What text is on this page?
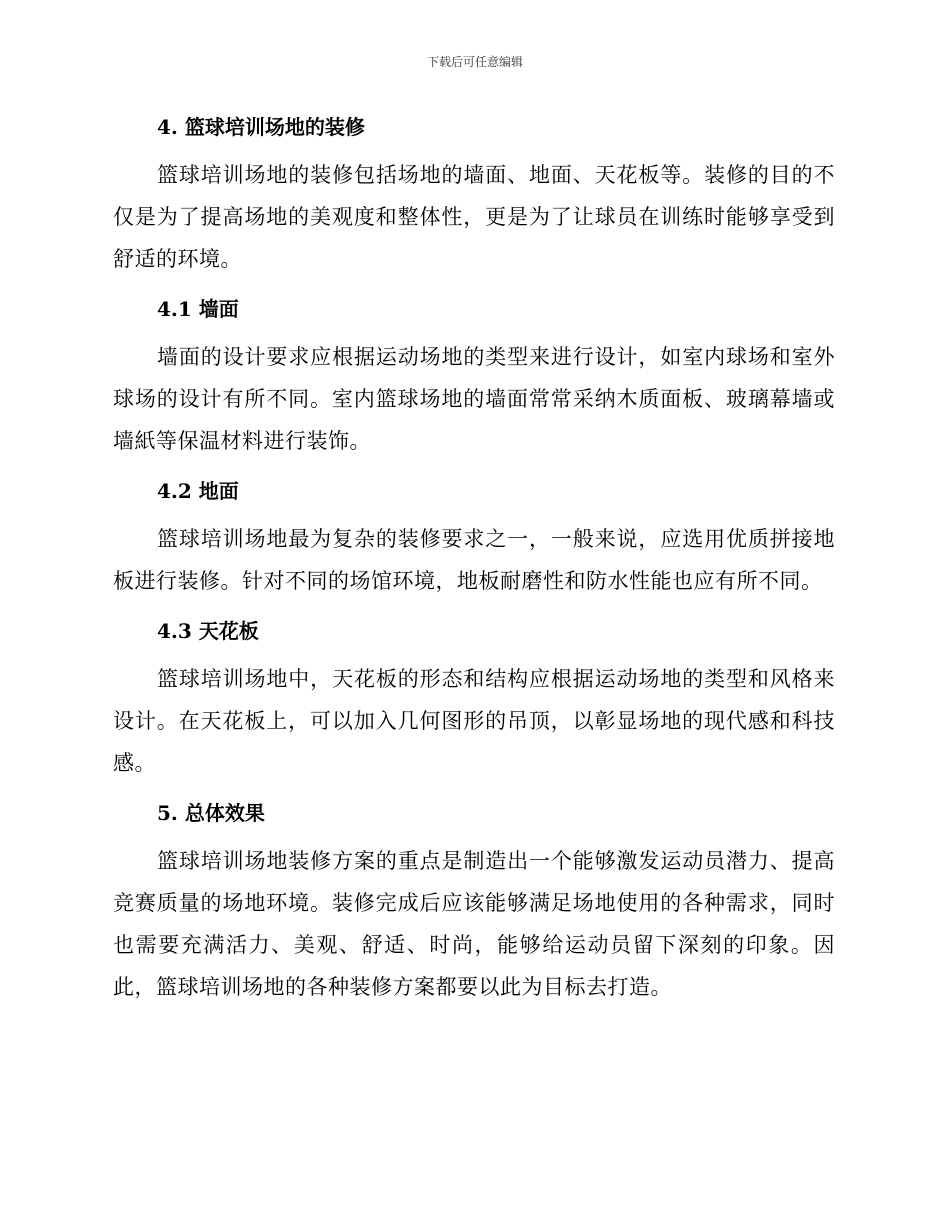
下载后可任意编辑
4. 篮球培训场地的装修

篮球培训场地的装修包括场地的墙面、地面、天花板等。装修的目的不仅是为了提高场地的美观度和整体性，更是为了让球员在训练时能够享受到舒适的环境。

4.1 墙面

墙面的设计要求应根据运动场地的类型来进行设计，如室内球场和室外球场的设计有所不同。室内篮球场地的墙面常常采纳木质面板、玻璃幕墙或墙紙等保温材料进行装饰。

4.2 地面

篮球培训场地最为复杂的装修要求之一，一般来说，应选用优质拼接地板进行装修。针对不同的场馆环境，地板耐磨性和防水性能也应有所不同。

4.3 天花板

篮球培训场地中，天花板的形态和结构应根据运动场地的类型和风格来设计。在天花板上，可以加入几何图形的吊顶，以彰显场地的现代感和科技感。

5. 总体效果

篮球培训场地装修方案的重点是制造出一个能够激发运动员潜力、提高竞赛质量的场地环境。装修完成后应该能够满足场地使用的各种需求，同时也需要充满活力、美观、舒适、时尚，能够给运动员留下深刻的印象。因此，篮球培训场地的各种装修方案都要以此为目标去打造。
